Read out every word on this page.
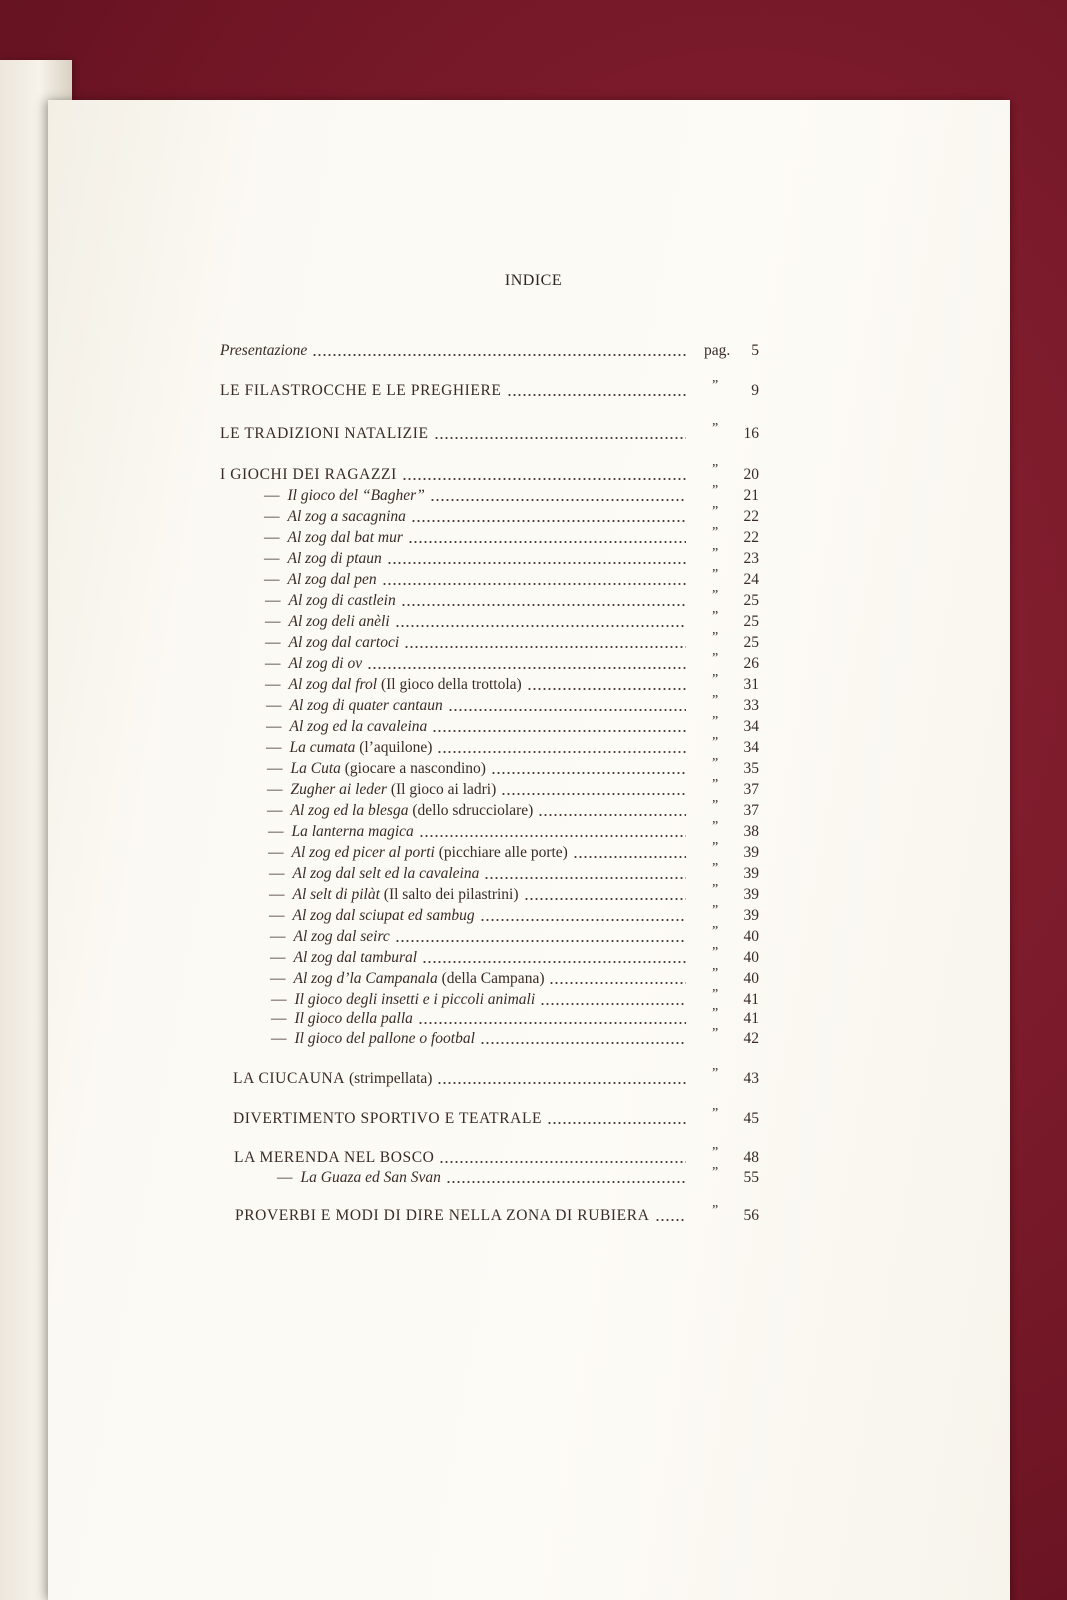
INDICE
Presentazione	pag.	5
LE FILASTROCCHE E LE PREGHIERE	”	9
LE TRADIZIONI NATALIZIE	”	16
I GIOCHI DEI RAGAZZI	”	20
— Il gioco del “Bagher”	”	21
— Al zog a sacagnina	”	22
— Al zog dal bat mur	”	22
— Al zog di ptaun	”	23
— Al zog dal pen	”	24
— Al zog di castlein	”	25
— Al zog deli anèli	”	25
— Al zog dal cartoci	”	25
— Al zog di ov	”	26
— Al zog dal frol (Il gioco della trottola)	”	31
— Al zog di quater cantaun	”	33
— Al zog ed la cavaleina	”	34
— La cumata (l’aquilone)	”	34
— La Cuta (giocare a nascondino)	”	35
— Zugher ai leder (Il gioco ai ladri)	”	37
— Al zog ed la blesga (dello sdrucciolare)	”	37
— La lanterna magica	”	38
— Al zog ed picer al porti (picchiare alle porte)	”	39
— Al zog dal selt ed la cavaleina	”	39
— Al selt di pilàt (Il salto dei pilastrini)	”	39
— Al zog dal sciupat ed sambug	”	39
— Al zog dal seirc	”	40
— Al zog dal tambural	”	40
— Al zog d’la Campanala (della Campana)	”	40
— Il gioco degli insetti e i piccoli animali	”	41
— Il gioco della palla	”	41
— Il gioco del pallone o footbal	”	42
LA CIUCAUNA (strimpellata)	”	43
DIVERTIMENTO SPORTIVO E TEATRALE	”	45
LA MERENDA NEL BOSCO	”	48
— La Guaza ed San Svan	”	55
PROVERBI E MODI DI DIRE NELLA ZONA DI RUBIERA	”	56
